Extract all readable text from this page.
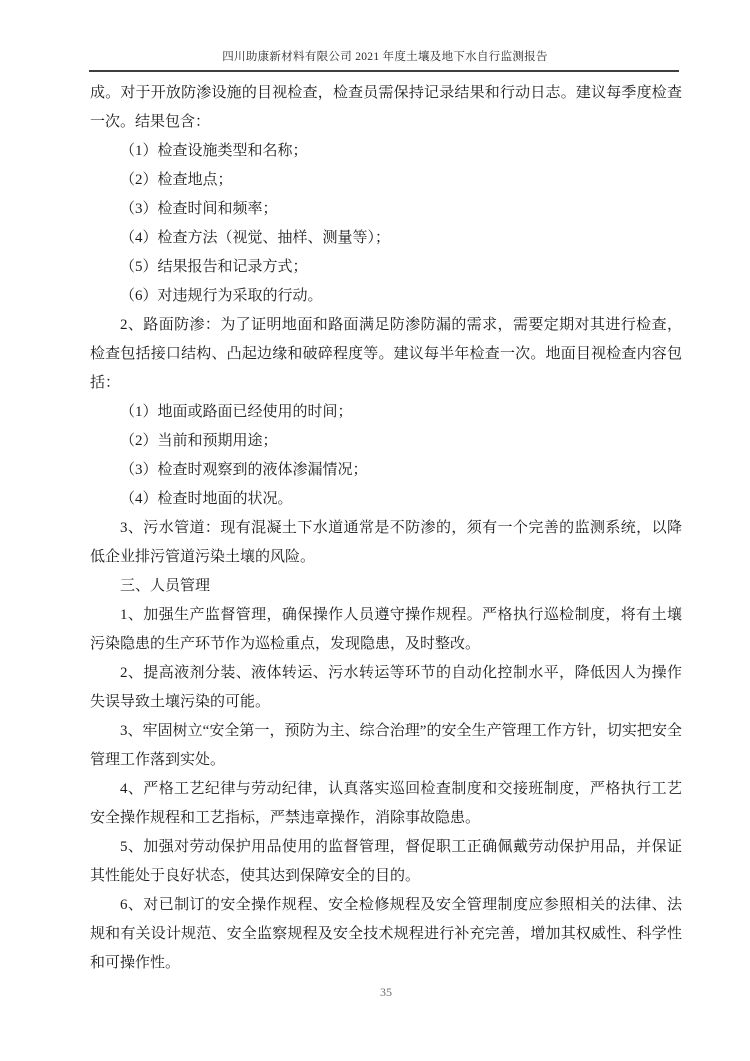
四川助康新材料有限公司 2021 年度土壤及地下水自行监测报告

成。对于开放防渗设施的目视检查，检查员需保持记录结果和行动日志。建议每季度检查一次。结果包含：

（1）检查设施类型和名称；

（2）检查地点；

（3）检查时间和频率；

（4）检查方法（视觉、抽样、测量等）；

（5）结果报告和记录方式；

（6）对违规行为采取的行动。

2、路面防渗：为了证明地面和路面满足防渗防漏的需求，需要定期对其进行检查，检查包括接口结构、凸起边缘和破碎程度等。建议每半年检查一次。地面目视检查内容包括：

（1）地面或路面已经使用的时间；

（2）当前和预期用途；

（3）检查时观察到的液体渗漏情况；

（4）检查时地面的状况。

3、污水管道：现有混凝土下水道通常是不防渗的，须有一个完善的监测系统，以降低企业排污管道污染土壤的风险。

三、人员管理

1、加强生产监督管理，确保操作人员遵守操作规程。严格执行巡检制度，将有土壤污染隐患的生产环节作为巡检重点，发现隐患，及时整改。

2、提高液剂分装、液体转运、污水转运等环节的自动化控制水平，降低因人为操作失误导致土壤污染的可能。

3、牢固树立“安全第一，预防为主、综合治理”的安全生产管理工作方针，切实把安全管理工作落到实处。

4、严格工艺纪律与劳动纪律，认真落实巡回检查制度和交接班制度，严格执行工艺安全操作规程和工艺指标，严禁违章操作，消除事故隐患。

5、加强对劳动保护用品使用的监督管理，督促职工正确佩戴劳动保护用品，并保证其性能处于良好状态，使其达到保障安全的目的。

6、对已制订的安全操作规程、安全检修规程及安全管理制度应参照相关的法律、法规和有关设计规范、安全监察规程及安全技术规程进行补充完善，增加其权威性、科学性和可操作性。

35
